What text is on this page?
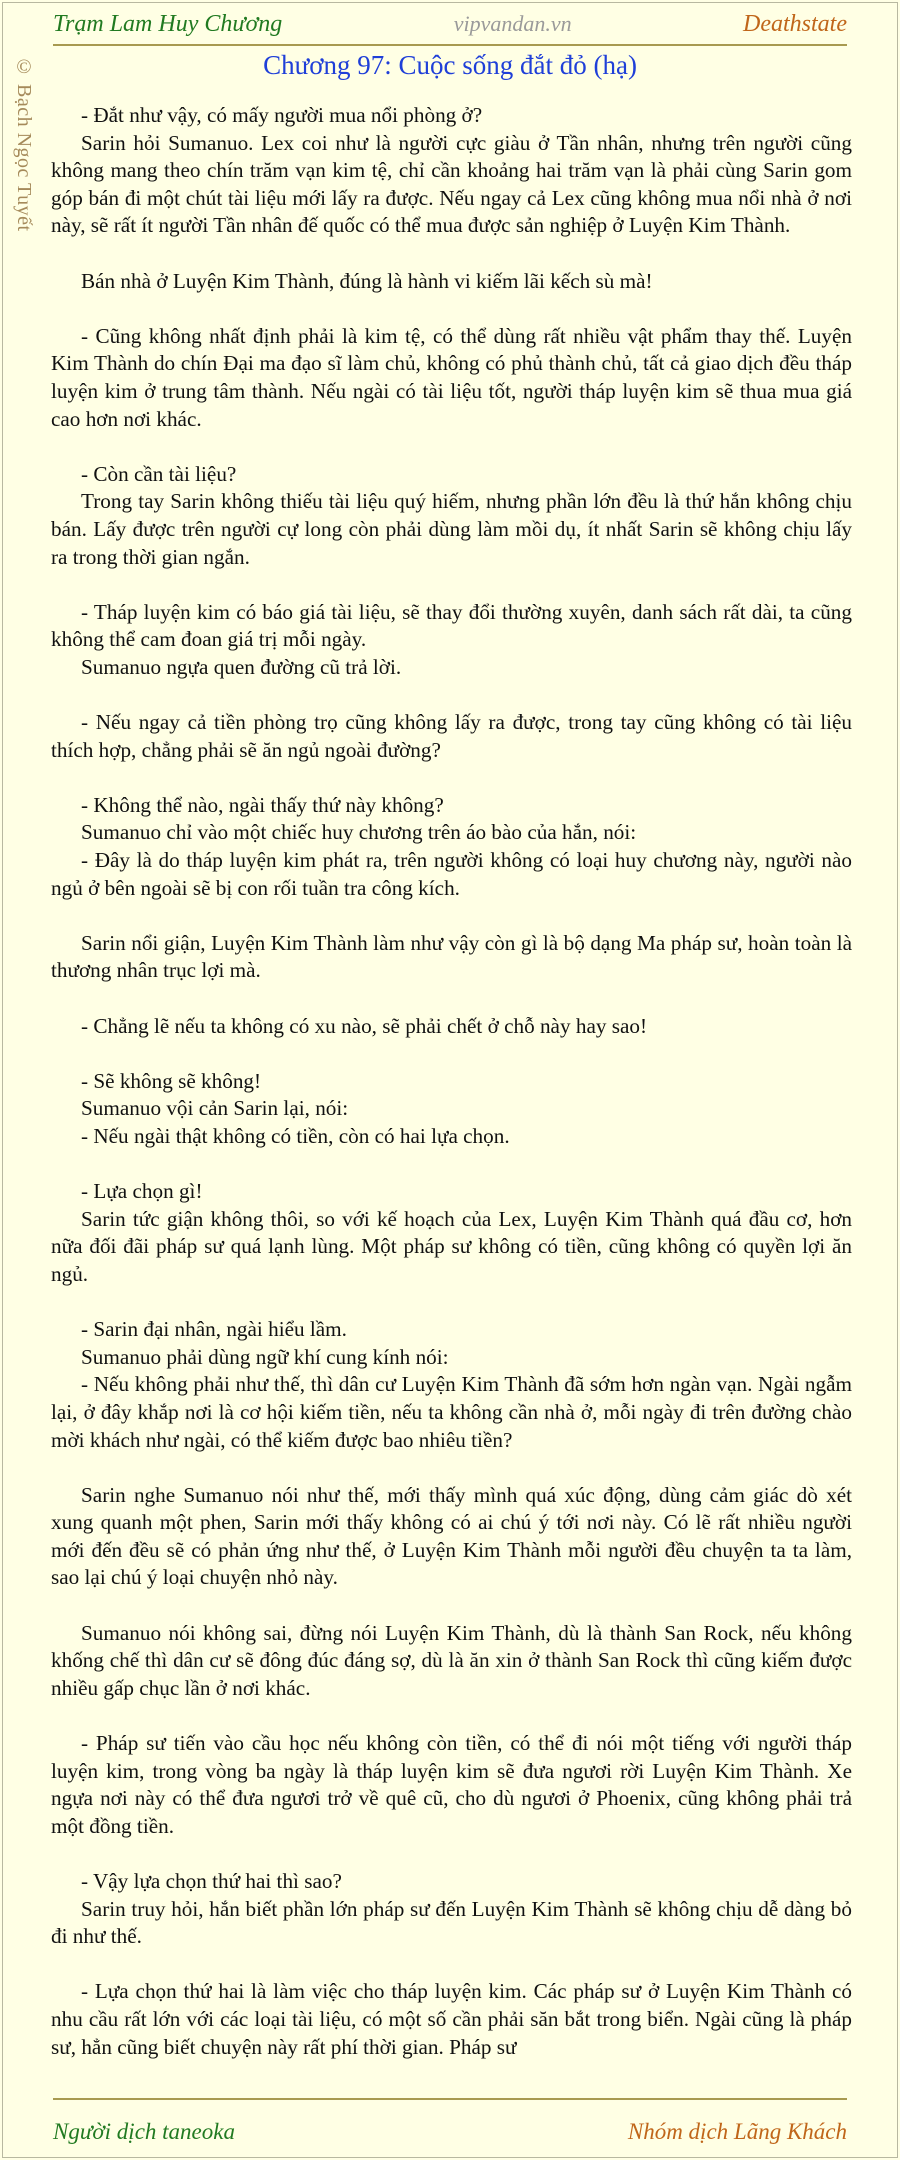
Trạm Lam Huy Chương	vipvandan.vn	Deathstate
© Bạch Ngọc Tuyết	Chương 97: Cuộc sống đắt đỏ (hạ)

- Đắt như vậy, có mấy người mua nổi phòng ở?

Sarin hỏi Sumanuo. Lex coi như là người cực giàu ở Tần nhân, nhưng trên người cũng không mang theo chín trăm vạn kim tệ, chỉ cần khoảng hai trăm vạn là phải cùng Sarin gom góp bán đi một chút tài liệu mới lấy ra được. Nếu ngay cả Lex cũng không mua nổi nhà ở nơi này, sẽ rất ít người Tần nhân đế quốc có thể mua được sản nghiệp ở Luyện Kim Thành.

Bán nhà ở Luyện Kim Thành, đúng là hành vi kiếm lãi kếch sù mà!

- Cũng không nhất định phải là kim tệ, có thể dùng rất nhiều vật phẩm thay thế. Luyện Kim Thành do chín Đại ma đạo sĩ làm chủ, không có phủ thành chủ, tất cả giao dịch đều tháp luyện kim ở trung tâm thành. Nếu ngài có tài liệu tốt, người tháp luyện kim sẽ thua mua giá cao hơn nơi khác.

- Còn cần tài liệu?

Trong tay Sarin không thiếu tài liệu quý hiếm, nhưng phần lớn đều là thứ hắn không chịu bán. Lấy được trên người cự long còn phải dùng làm mồi dụ, ít nhất Sarin sẽ không chịu lấy ra trong thời gian ngắn.

- Tháp luyện kim có báo giá tài liệu, sẽ thay đổi thường xuyên, danh sách rất dài, ta cũng không thể cam đoan giá trị mỗi ngày.

Sumanuo ngựa quen đường cũ trả lời.

- Nếu ngay cả tiền phòng trọ cũng không lấy ra được, trong tay cũng không có tài liệu thích hợp, chẳng phải sẽ ăn ngủ ngoài đường?

- Không thể nào, ngài thấy thứ này không?

Sumanuo chỉ vào một chiếc huy chương trên áo bào của hắn, nói:

- Đây là do tháp luyện kim phát ra, trên người không có loại huy chương này, người nào ngủ ở bên ngoài sẽ bị con rối tuần tra công kích.

Sarin nổi giận, Luyện Kim Thành làm như vậy còn gì là bộ dạng Ma pháp sư, hoàn toàn là thương nhân trục lợi mà.

- Chẳng lẽ nếu ta không có xu nào, sẽ phải chết ở chỗ này hay sao!

- Sẽ không sẽ không!

Sumanuo vội cản Sarin lại, nói:

- Nếu ngài thật không có tiền, còn có hai lựa chọn.

- Lựa chọn gì!

Sarin tức giận không thôi, so với kế hoạch của Lex, Luyện Kim Thành quá đầu cơ, hơn nữa đối đãi pháp sư quá lạnh lùng. Một pháp sư không có tiền, cũng không có quyền lợi ăn ngủ.

- Sarin đại nhân, ngài hiểu lầm.

Sumanuo phải dùng ngữ khí cung kính nói:

- Nếu không phải như thế, thì dân cư Luyện Kim Thành đã sớm hơn ngàn vạn. Ngài ngẫm lại, ở đây khắp nơi là cơ hội kiếm tiền, nếu ta không cần nhà ở, mỗi ngày đi trên đường chào mời khách như ngài, có thể kiếm được bao nhiêu tiền?

Sarin nghe Sumanuo nói như thế, mới thấy mình quá xúc động, dùng cảm giác dò xét xung quanh một phen, Sarin mới thấy không có ai chú ý tới nơi này. Có lẽ rất nhiều người mới đến đều sẽ có phản ứng như thế, ở Luyện Kim Thành mỗi người đều chuyện ta ta làm, sao lại chú ý loại chuyện nhỏ này.

Sumanuo nói không sai, đừng nói Luyện Kim Thành, dù là thành San Rock, nếu không khống chế thì dân cư sẽ đông đúc đáng sợ, dù là ăn xin ở thành San Rock thì cũng kiếm được nhiều gấp chục lần ở nơi khác.

- Pháp sư tiến vào cầu học nếu không còn tiền, có thể đi nói một tiếng với người tháp luyện kim, trong vòng ba ngày là tháp luyện kim sẽ đưa ngươi rời Luyện Kim Thành. Xe ngựa nơi này có thể đưa ngươi trở về quê cũ, cho dù ngươi ở Phoenix, cũng không phải trả một đồng tiền.

- Vậy lựa chọn thứ hai thì sao?

Sarin truy hỏi, hắn biết phần lớn pháp sư đến Luyện Kim Thành sẽ không chịu dễ dàng bỏ đi như thế.

- Lựa chọn thứ hai là làm việc cho tháp luyện kim. Các pháp sư ở Luyện Kim Thành có nhu cầu rất lớn với các loại tài liệu, có một số cần phải săn bắt trong biển. Ngài cũng là pháp sư, hẳn cũng biết chuyện này rất phí thời gian. Pháp sư

Người dịch taneoka	Nhóm dịch Lãng Khách
